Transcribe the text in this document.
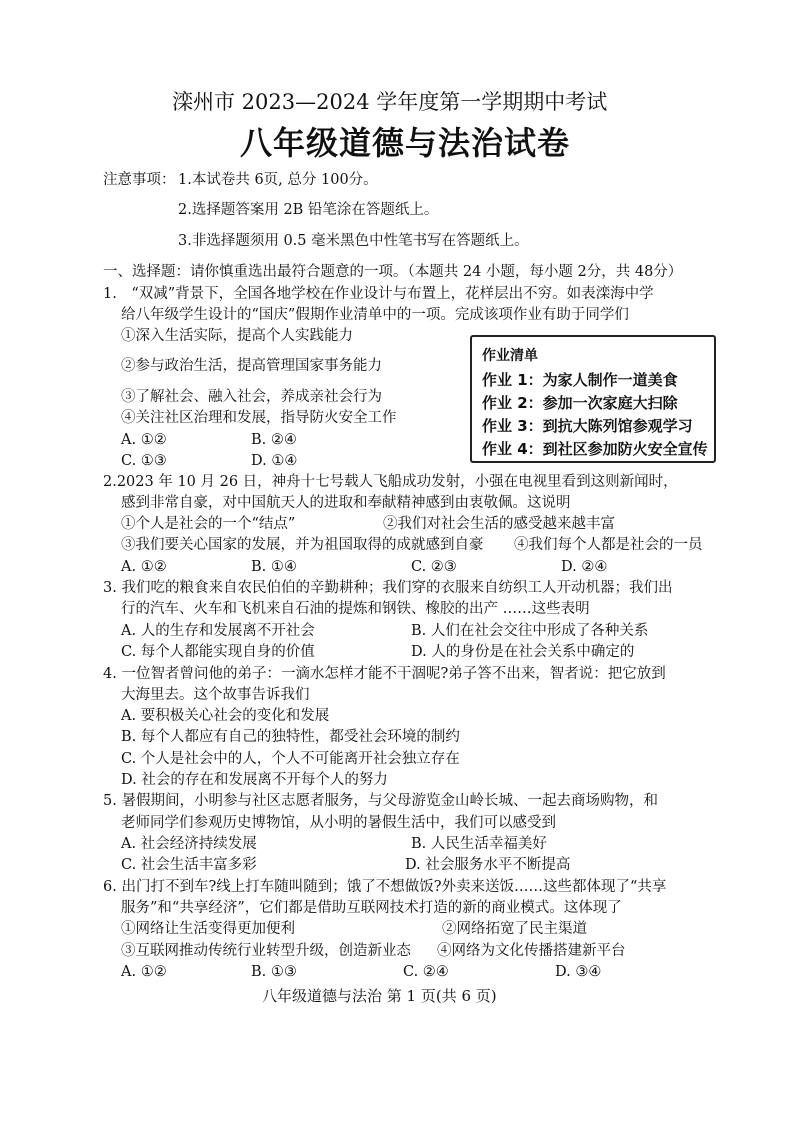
滦州市 2023—2024 学年度第一学期期中考试
八年级道德与法治试卷
注意事项： 1.本试卷共 6页, 总分 100分。
2.选择题答案用 2B 铅笔涂在答题纸上。
3.非选择题须用 0.5 毫米黑色中性笔书写在答题纸上。
一、选择题：请你慎重选出最符合题意的一项。（本题共 24 小题，每小题 2分，共 48分）
1.　“双减”背景下，全国各地学校在作业设计与布置上，花样层出不穷。如表滦海中学
给八年级学生设计的“国庆”假期作业清单中的一项。完成该项作业有助于同学们
①深入生活实际，提高个人实践能力
②参与政治生活，提高管理国家事务能力
③了解社会、融入社会，养成亲社会行为
④关注社区治理和发展，指导防火安全工作
A. ①②	B. ②④
C. ①③	D. ①④
作业清单
作业 1：为家人制作一道美食
作业 2：参加一次家庭大扫除
作业 3：到抗大陈列馆参观学习
作业 4：到社区参加防火安全宣传
2.2023 年 10 月 26 日，神舟十七号载人飞船成功发射，小强在电视里看到这则新闻时，
感到非常自豪，对中国航天人的进取和奉献精神感到由衷敬佩。这说明
①个人是社会的一个“结点”	②我们对社会生活的感受越来越丰富
③我们要关心国家的发展，并为祖国取得的成就感到自豪 ④我们每个人都是社会的一员
A. ①②	B. ①④	C. ②③	D. ②④
3. 我们吃的粮食来自农民伯伯的辛勤耕种；我们穿的衣服来自纺织工人开动机器；我们出
行的汽车、火车和飞机来自石油的提炼和钢铁、橡胶的出产 ……这些表明
A. 人的生存和发展离不开社会	B. 人们在社会交往中形成了各种关系
C. 每个人都能实现自身的价值	D. 人的身份是在社会关系中确定的
4. 一位智者曾问他的弟子：一滴水怎样才能不干涸呢?弟子答不出来，智者说：把它放到
大海里去。这个故事告诉我们
A. 要积极关心社会的变化和发展
B. 每个人都应有自己的独特性，都受社会环境的制约
C. 个人是社会中的人，个人不可能离开社会独立存在
D. 社会的存在和发展离不开每个人的努力
5. 暑假期间，小明参与社区志愿者服务，与父母游览金山岭长城、一起去商场购物，和
老师同学们参观历史博物馆，从小明的暑假生活中，我们可以感受到
A. 社会经济持续发展	B. 人民生活幸福美好
C. 社会生活丰富多彩	D. 社会服务水平不断提高
6. 出门打不到车?线上打车随叫随到；饿了不想做饭?外卖来送饭……这些都体现了“共享
服务”和“共享经济”，它们都是借助互联网技术打造的新的商业模式。这体现了
①网络让生活变得更加便利	②网络拓宽了民主渠道
③互联网推动传统行业转型升级，创造新业态 ④网络为文化传播搭建新平台
A. ①②	B. ①③	C. ②④	D. ③④
八年级道德与法治 第 1 页(共 6 页)
